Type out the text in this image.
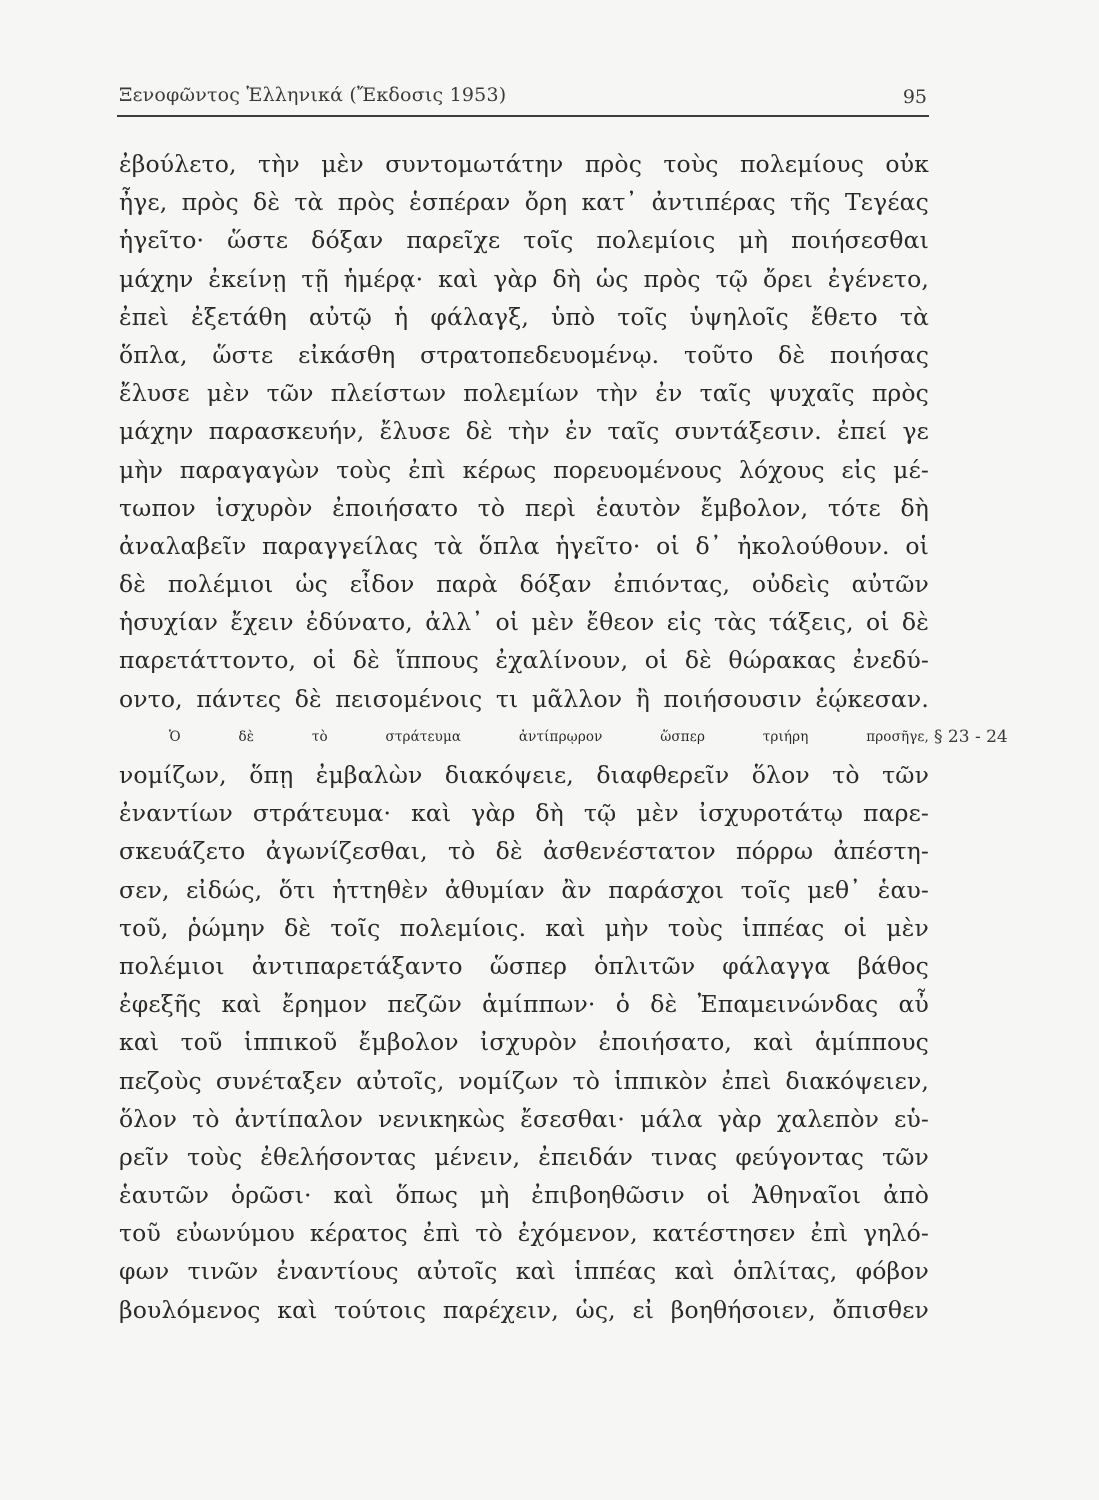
Ξενοφῶντος Ἑλληνικά (Ἔκδοσις 1953)	95
ἐβούλετο, τὴν μὲν συντομωτάτην πρὸς τοὺς πολεμίους οὐκ
ἦγε, πρὸς δὲ τὰ πρὸς ἑσπέραν ὄρη κατ᾽ ἀντιπέρας τῆς Τεγέας
ἡγεῖτο· ὥστε δόξαν παρεῖχε τοῖς πολεμίοις μὴ ποιήσεσθαι
μάχην ἐκείνῃ τῇ ἡμέρᾳ· καὶ γὰρ δὴ ὡς πρὸς τῷ ὄρει ἐγένετο,
ἐπεὶ ἐξετάθη αὐτῷ ἡ φάλαγξ, ὑπὸ τοῖς ὑψηλοῖς ἔθετο τὰ
ὅπλα, ὥστε εἰκάσθη στρατοπεδευομένῳ. τοῦτο δὲ ποιήσας
ἔλυσε μὲν τῶν πλείστων πολεμίων τὴν ἐν ταῖς ψυχαῖς πρὸς
μάχην παρασκευήν, ἔλυσε δὲ τὴν ἐν ταῖς συντάξεσιν. ἐπεί γε
μὴν παραγαγὼν τοὺς ἐπὶ κέρως πορευομένους λόχους εἰς μέ-
τωπον ἰσχυρὸν ἐποιήσατο τὸ περὶ ἑαυτὸν ἔμβολον, τότε δὴ
ἀναλαβεῖν παραγγείλας τὰ ὅπλα ἡγεῖτο· οἱ δ᾽ ἠκολούθουν. οἱ
δὲ πολέμιοι ὡς εἶδον παρὰ δόξαν ἐπιόντας, οὐδεὶς αὐτῶν
ἡσυχίαν ἔχειν ἐδύνατο, ἀλλ᾽ οἱ μὲν ἔθεον εἰς τὰς τάξεις, οἱ δὲ
παρετάττοντο, οἱ δὲ ἵππους ἐχαλίνουν, οἱ δὲ θώρακας ἐνεδύ-
οντο, πάντες δὲ πεισομένοις τι μᾶλλον ἢ ποιήσουσιν ἐῴκεσαν.
Ὁ δὲ τὸ στράτευμα ἀντίπρῳρον ὥσπερ τριήρη προσῆγε, § 23 - 24
νομίζων, ὅπῃ ἐμβαλὼν διακόψειε, διαφθερεῖν ὅλον τὸ τῶν
ἐναντίων στράτευμα· καὶ γὰρ δὴ τῷ μὲν ἰσχυροτάτῳ παρε-
σκευάζετο ἀγωνίζεσθαι, τὸ δὲ ἀσθενέστατον πόρρω ἀπέστη-
σεν, εἰδώς, ὅτι ἡττηθὲν ἀθυμίαν ἂν παράσχοι τοῖς μεθ᾽ ἑαυ-
τοῦ, ῥώμην δὲ τοῖς πολεμίοις. καὶ μὴν τοὺς ἱππέας οἱ μὲν
πολέμιοι ἀντιπαρετάξαντο ὥσπερ ὁπλιτῶν φάλαγγα βάθος
ἐφεξῆς καὶ ἔρημον πεζῶν ἁμίππων· ὁ δὲ Ἐπαμεινώνδας αὖ
καὶ τοῦ ἱππικοῦ ἔμβολον ἰσχυρὸν ἐποιήσατο, καὶ ἁμίππους
πεζοὺς συνέταξεν αὐτοῖς, νομίζων τὸ ἱππικὸν ἐπεὶ διακόψειεν,
ὅλον τὸ ἀντίπαλον νενικηκὼς ἔσεσθαι· μάλα γὰρ χαλεπὸν εὑ-
ρεῖν τοὺς ἐθελήσοντας μένειν, ἐπειδάν τινας φεύγοντας τῶν
ἑαυτῶν ὁρῶσι· καὶ ὅπως μὴ ἐπιβοηθῶσιν οἱ Ἀθηναῖοι ἀπὸ
τοῦ εὐωνύμου κέρατος ἐπὶ τὸ ἐχόμενον, κατέστησεν ἐπὶ γηλό-
φων τινῶν ἐναντίους αὐτοῖς καὶ ἱππέας καὶ ὁπλίτας, φόβον
βουλόμενος καὶ τούτοις παρέχειν, ὡς, εἰ βοηθήσοιεν, ὄπισθεν
